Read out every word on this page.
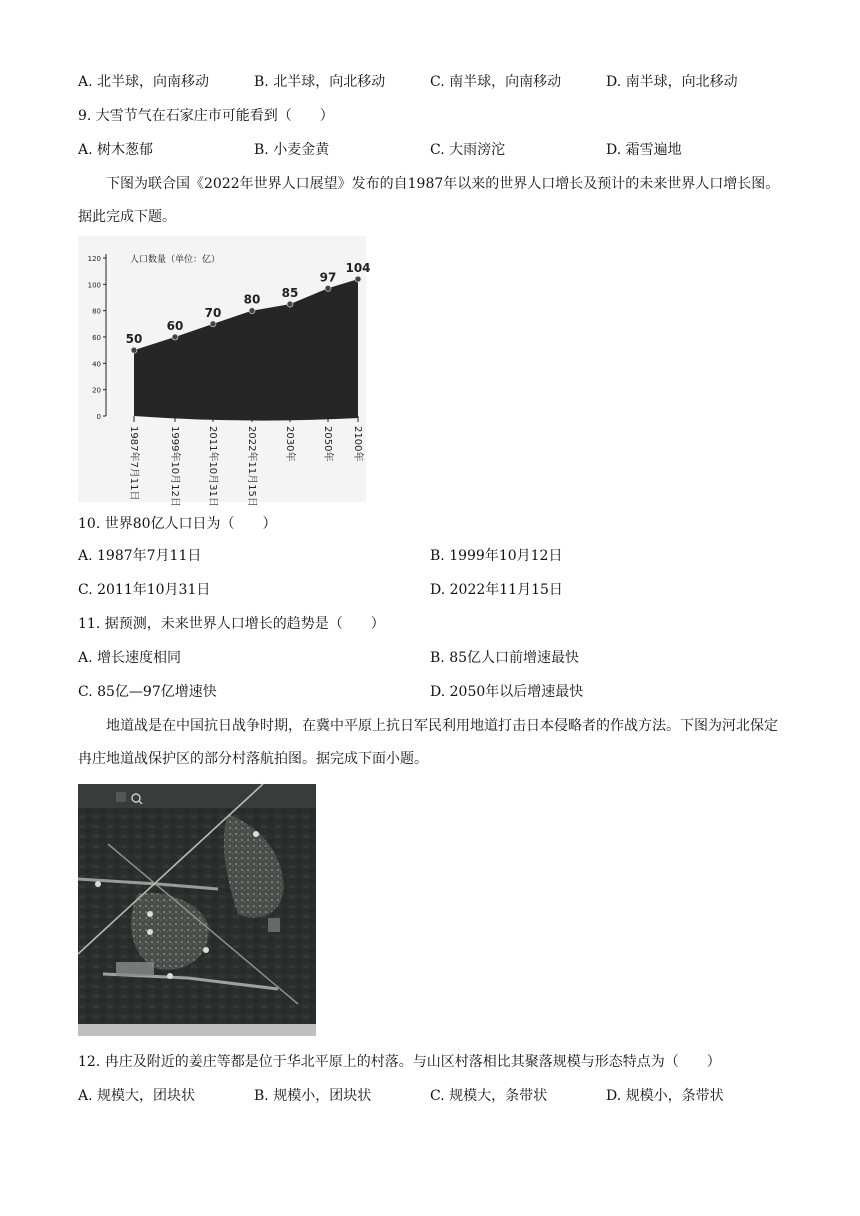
A. 北半球，向南移动	B. 北半球，向北移动	C. 南半球，向南移动	D. 南半球，向北移动
9. 大雪节气在石家庄市可能看到（　　）
A. 树木葱郁	B. 小麦金黄	C. 大雨滂沱	D. 霜雪遍地
下图为联合国《2022年世界人口展望》发布的自1987年以来的世界人口增长及预计的未来世界人口增长图。据此完成下题。
0
20
40
60
80
100
120
50
1987年7月11日
60
1999年10月12日
70
2011年10月31日
80
2022年11月15日
85
2030年
97
2050年
104
2100年
人口数量（单位：亿）
10. 世界80亿人口日为（　　）
A. 1987年7月11日	B. 1999年10月12日
C. 2011年10月31日	D. 2022年11月15日
11. 据预测，未来世界人口增长的趋势是（　　）
A. 增长速度相同	B. 85亿人口前增速最快
C. 85亿—97亿增速快	D. 2050年以后增速最快
地道战是在中国抗日战争时期，在冀中平原上抗日军民利用地道打击日本侵略者的作战方法。下图为河北保定冉庄地道战保护区的部分村落航拍图。据完成下面小题。
12. 冉庄及附近的姜庄等都是位于华北平原上的村落。与山区村落相比其聚落规模与形态特点为（　　）
A. 规模大，团块状	B. 规模小，团块状	C. 规模大，条带状	D. 规模小，条带状
